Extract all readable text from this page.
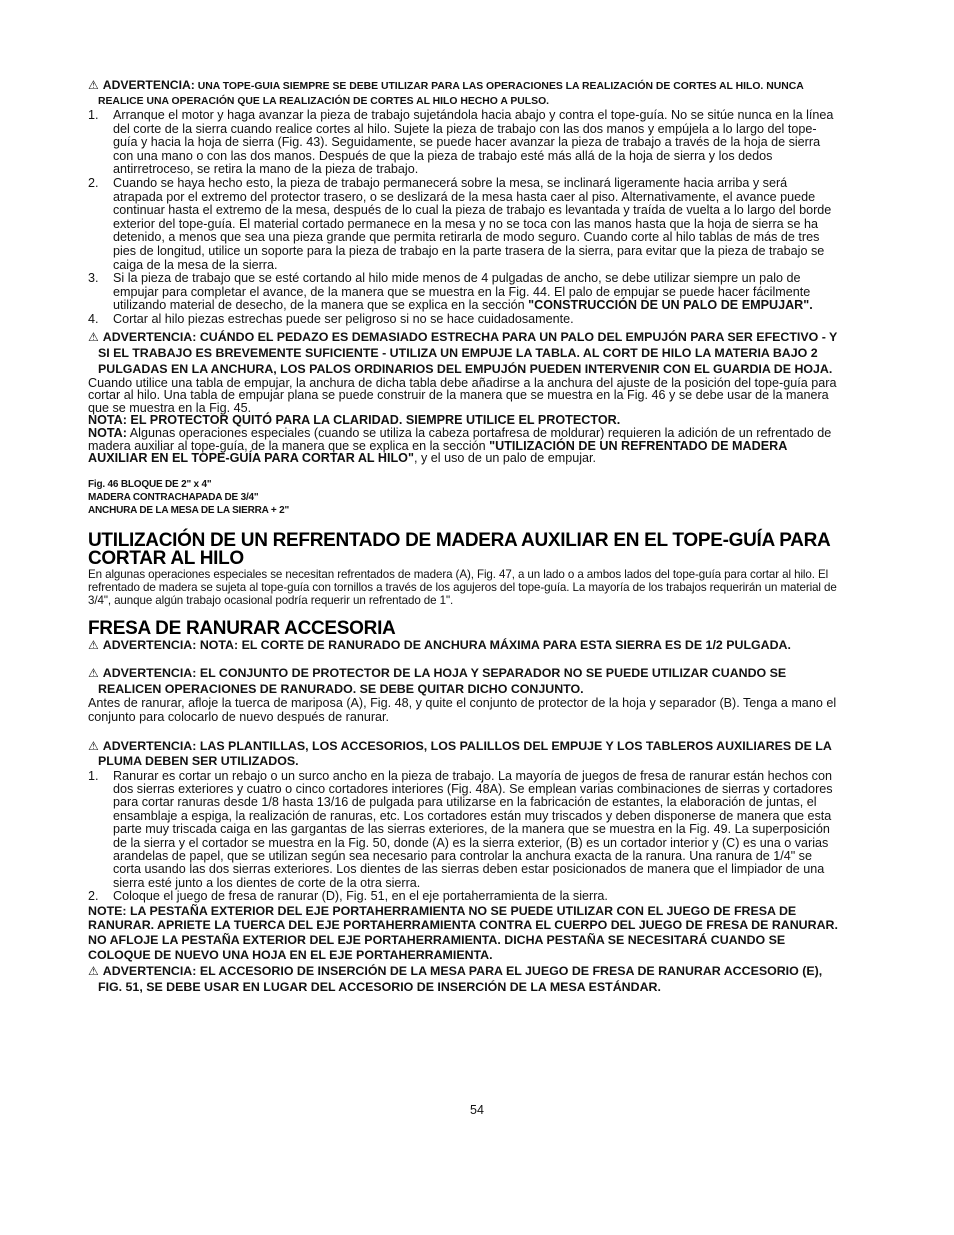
⚠ ADVERTENCIA: UNA TOPE-GUIA SIEMPRE SE DEBE UTILIZAR PARA LAS OPERACIONES LA REALIZACIÓN DE CORTES AL HILO. NUNCA REALICE UNA OPERACIÓN QUE LA REALIZACIÓN DE CORTES AL HILO HECHO A PULSO.

1. Arranque el motor y haga avanzar la pieza de trabajo sujetándola hacia abajo y contra el tope-guía. No se sitúe nunca en la línea del corte de la sierra cuando realice cortes al hilo. Sujete la pieza de trabajo con las dos manos y empújela a lo largo del tope-guía y hacia la hoja de sierra (Fig. 43). Seguidamente, se puede hacer avanzar la pieza de trabajo a través de la hoja de sierra con una mano o con las dos manos. Después de que la pieza de trabajo esté más allá de la hoja de sierra y los dedos antirretroceso, se retira la mano de la pieza de trabajo.
2. Cuando se haya hecho esto, la pieza de trabajo permanecerá sobre la mesa, se inclinará ligeramente hacia arriba y será atrapada por el extremo del protector trasero, o se deslizará de la mesa hasta caer al piso. Alternativamente, el avance puede continuar hasta el extremo de la mesa, después de lo cual la pieza de trabajo es levantada y traída de vuelta a lo largo del borde exterior del tope-guía. El material cortado permanece en la mesa y no se toca con las manos hasta que la hoja de sierra se ha detenido, a menos que sea una pieza grande que permita retirarla de modo seguro. Cuando corte al hilo tablas de más de tres pies de longitud, utilice un soporte para la pieza de trabajo en la parte trasera de la sierra, para evitar que la pieza de trabajo se caiga de la mesa de la sierra.
3. Si la pieza de trabajo que se esté cortando al hilo mide menos de 4 pulgadas de ancho, se debe utilizar siempre un palo de empujar para completar el avance, de la manera que se muestra en la Fig. 44. El palo de empujar se puede hacer fácilmente utilizando material de desecho, de la manera que se explica en la sección "CONSTRUCCIÓN DE UN PALO DE EMPUJAR".
4. Cortar al hilo piezas estrechas puede ser peligroso si no se hace cuidadosamente.

⚠ ADVERTENCIA: CUÁNDO EL PEDAZO ES DEMASIADO ESTRECHA PARA UN PALO DEL EMPUJÓN PARA SER EFECTIVO - Y SI EL TRABAJO ES BREVEMENTE SUFICIENTE - UTILIZA UN EMPUJE LA TABLA. AL CORT DE HILO LA MATERIA BAJO 2 PULGADAS EN LA ANCHURA, LOS PALOS ORDINARIOS DEL EMPUJÓN PUEDEN INTERVENIR CON EL GUARDIA DE HOJA.

Cuando utilice una tabla de empujar, la anchura de dicha tabla debe añadirse a la anchura del ajuste de la posición del tope-guía para cortar al hilo. Una tabla de empujar plana se puede construir de la manera que se muestra en la Fig. 46 y se debe usar de la manera que se muestra en la Fig. 45.

NOTA: EL PROTECTOR QUITÓ PARA LA CLARIDAD. SIEMPRE UTILICE EL PROTECTOR.

NOTA: Algunas operaciones especiales (cuando se utiliza la cabeza portafresa de moldurar) requieren la adición de un refrentado de madera auxiliar al tope-guía, de la manera que se explica en la sección "UTILIZACIÓN DE UN REFRENTADO DE MADERA AUXILIAR EN EL TOPE-GUÍA PARA CORTAR AL HILO", y el uso de un palo de empujar.

Fig. 46 BLOQUE DE 2" x 4"
MADERA CONTRACHAPADA DE 3/4"
ANCHURA DE LA MESA DE LA SIERRA + 2"
UTILIZACIÓN DE UN REFRENTADO DE MADERA AUXILIAR EN EL TOPE-GUÍA PARA CORTAR AL HILO

En algunas operaciones especiales se necesitan refrentados de madera (A), Fig. 47, a un lado o a ambos lados del tope-guía para cortar al hilo. El refrentado de madera se sujeta al tope-guía con tornillos a través de los agujeros del tope-guía. La mayoría de los trabajos requerirán un material de 3/4", aunque algún trabajo ocasional podría requerir un refrentado de 1".

FRESA DE RANURAR ACCESORIA

⚠ ADVERTENCIA: NOTA: EL CORTE DE RANURADO DE ANCHURA MÁXIMA PARA ESTA SIERRA ES DE 1/2 PULGADA.

⚠ ADVERTENCIA: EL CONJUNTO DE PROTECTOR DE LA HOJA Y SEPARADOR NO SE PUEDE UTILIZAR CUANDO SE REALICEN OPERACIONES DE RANURADO. SE DEBE QUITAR DICHO CONJUNTO.

Antes de ranurar, afloje la tuerca de mariposa (A), Fig. 48, y quite el conjunto de protector de la hoja y separador (B). Tenga a mano el conjunto para colocarlo de nuevo después de ranurar.

⚠ ADVERTENCIA: LAS PLANTILLAS, LOS ACCESORIOS, LOS PALILLOS DEL EMPUJE Y LOS TABLEROS AUXILIARES DE LA PLUMA DEBEN SER UTILIZADOS.

1. Ranurar es cortar un rebajo o un surco ancho en la pieza de trabajo. La mayoría de juegos de fresa de ranurar están hechos con dos sierras exteriores y cuatro o cinco cortadores interiores (Fig. 48A). Se emplean varias combinaciones de sierras y cortadores para cortar ranuras desde 1/8 hasta 13/16 de pulgada para utilizarse en la fabricación de estantes, la elaboración de juntas, el ensamblaje a espiga, la realización de ranuras, etc. Los cortadores están muy triscados y deben disponerse de manera que esta parte muy triscada caiga en las gargantas de las sierras exteriores, de la manera que se muestra en la Fig. 49. La superposición de la sierra y el cortador se muestra en la Fig. 50, donde (A) es la sierra exterior, (B) es un cortador interior y (C) es una o varias arandelas de papel, que se utilizan según sea necesario para controlar la anchura exacta de la ranura. Una ranura de 1/4" se corta usando las dos sierras exteriores. Los dientes de las sierras deben estar posicionados de manera que el limpiador de una sierra esté junto a los dientes de corte de la otra sierra.
2. Coloque el juego de fresa de ranurar (D), Fig. 51, en el eje portaherramienta de la sierra.

NOTE: LA PESTAÑA EXTERIOR DEL EJE PORTAHERRAMIENTA NO SE PUEDE UTILIZAR CON EL JUEGO DE FRESA DE RANURAR. APRIETE LA TUERCA DEL EJE PORTAHERRAMIENTA CONTRA EL CUERPO DEL JUEGO DE FRESA DE RANURAR. NO AFLOJE LA PESTAÑA EXTERIOR DEL EJE PORTAHERRAMIENTA. DICHA PESTAÑA SE NECESITARÁ CUANDO SE COLOQUE DE NUEVO UNA HOJA EN EL EJE PORTAHERRAMIENTA.

⚠ ADVERTENCIA: EL ACCESORIO DE INSERCIÓN DE LA MESA PARA EL JUEGO DE FRESA DE RANURAR ACCESORIO (E), FIG. 51, SE DEBE USAR EN LUGAR DEL ACCESORIO DE INSERCIÓN DE LA MESA ESTÁNDAR.

54
